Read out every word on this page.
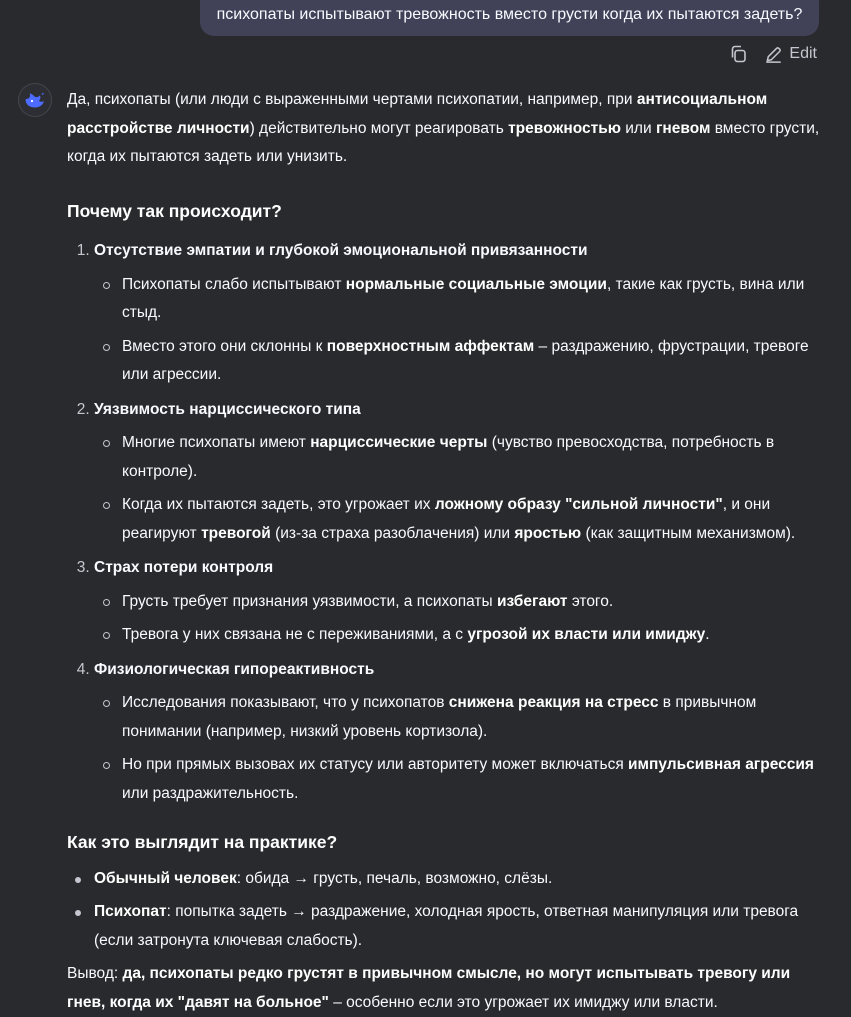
психопаты испытывают тревожность вместо грусти когда их пытаются задеть?
Edit

Да, психопаты (или люди с выраженными чертами психопатии, например, при антисоциальном расстройстве личности) действительно могут реагировать тревожностью или гневом вместо грусти, когда их пытаются задеть или унизить.

Почему так происходит?
1. Отсутствие эмпатии и глубокой эмоциональной привязанности
Психопаты слабо испытывают нормальные социальные эмоции, такие как грусть, вина или стыд.
Вместо этого они склонны к поверхностным аффектам – раздражению, фрустрации, тревоге или агрессии.
2. Уязвимость нарциссического типа
Многие психопаты имеют нарциссические черты (чувство превосходства, потребность в контроле).
Когда их пытаются задеть, это угрожает их ложному образу "сильной личности", и они реагируют тревогой (из-за страха разоблачения) или яростью (как защитным механизмом).
3. Страх потери контроля
Грусть требует признания уязвимости, а психопаты избегают этого.
Тревога у них связана не с переживаниями, а с угрозой их власти или имиджу.
4. Физиологическая гипореактивность
Исследования показывают, что у психопатов снижена реакция на стресс в привычном понимании (например, низкий уровень кортизола).
Но при прямых вызовах их статусу или авторитету может включаться импульсивная агрессия или раздражительность.
Как это выглядит на практике?
Обычный человек: обида → грусть, печаль, возможно, слёзы.
Психопат: попытка задеть → раздражение, холодная ярость, ответная манипуляция или тревога (если затронута ключевая слабость).

Вывод: да, психопаты редко грустят в привычном смысле, но могут испытывать тревогу или гнев, когда их "давят на больное" – особенно если это угрожает их имиджу или власти.
